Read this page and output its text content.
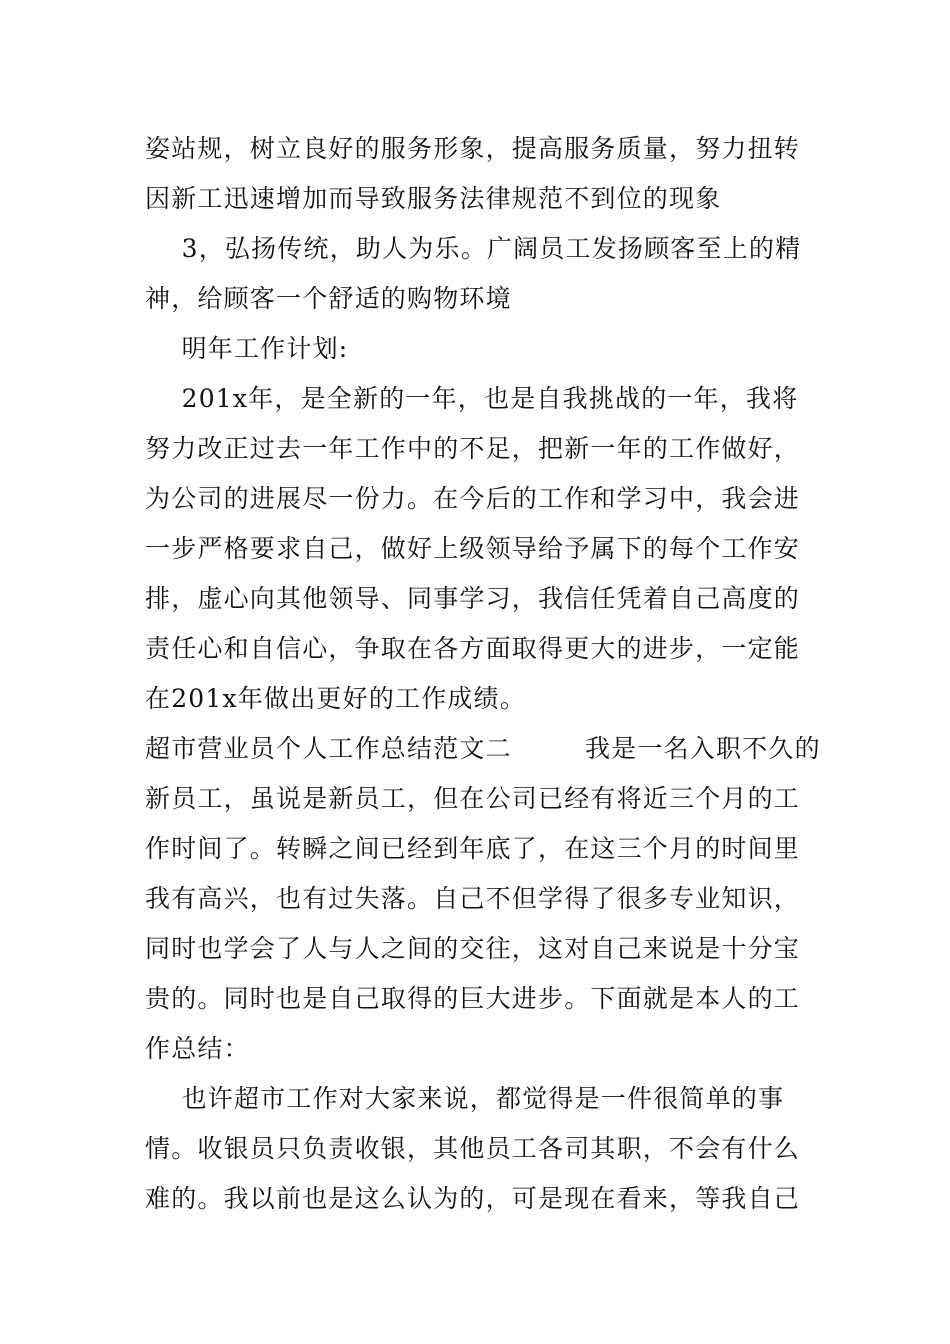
姿站规，树立良好的服务形象，提高服务质量，努力扭转

因新工迅速增加而导致服务法律规范不到位的现象

3，弘扬传统，助人为乐。广阔员工发扬顾客至上的精

神，给顾客一个舒适的购物环境

明年工作计划:

201x年，是全新的一年，也是自我挑战的一年，我将

努力改正过去一年工作中的不足，把新一年的工作做好，

为公司的进展尽一份力。在今后的工作和学习中，我会进

一步严格要求自己，做好上级领导给予属下的每个工作安

排，虚心向其他领导、同事学习，我信任凭着自己高度的

责任心和自信心，争取在各方面取得更大的进步，一定能

在201x年做出更好的工作成绩。

超市营业员个人工作总结范文二        我是一名入职不久的

新员工，虽说是新员工，但在公司已经有将近三个月的工

作时间了。转瞬之间已经到年底了，在这三个月的时间里

我有高兴，也有过失落。自己不但学得了很多专业知识，

同时也学会了人与人之间的交往，这对自己来说是十分宝

贵的。同时也是自己取得的巨大进步。下面就是本人的工

作总结：

也许超市工作对大家来说，都觉得是一件很简单的事

情。收银员只负责收银，其他员工各司其职，不会有什么

难的。我以前也是这么认为的，可是现在看来，等我自己
